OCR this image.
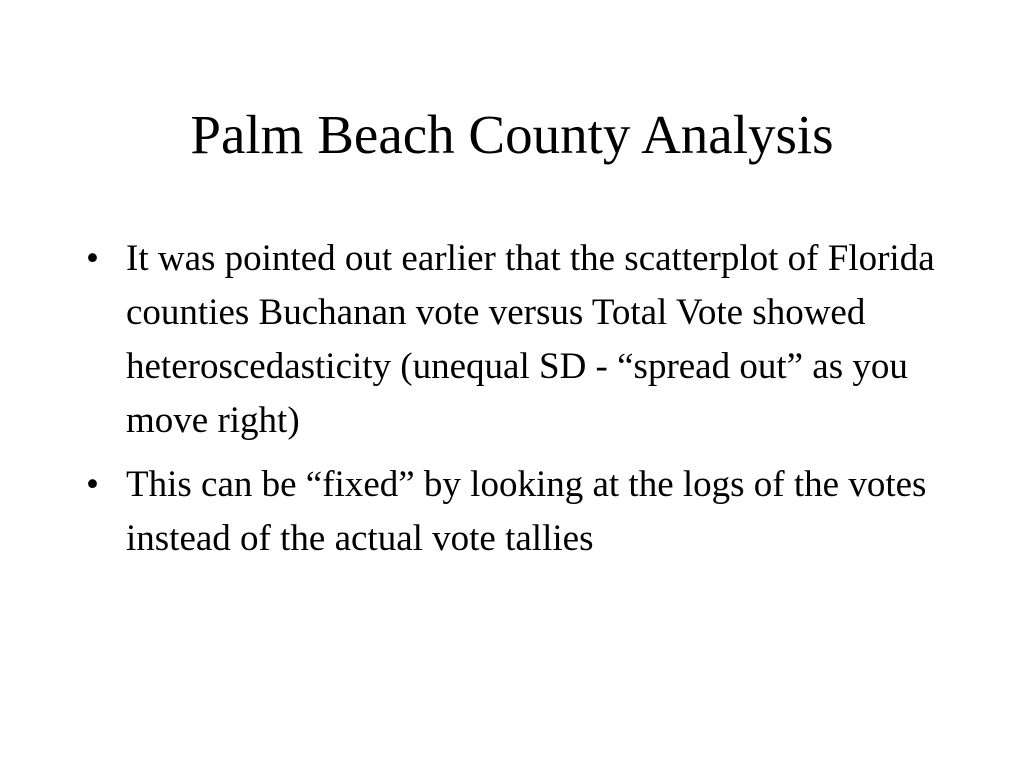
Palm Beach County Analysis
• It was pointed out earlier that the scatterplot of Florida counties Buchanan vote versus Total Vote showed heteroscedasticity (unequal SD - “spread out” as you move right)
• This can be “fixed” by looking at the logs of the votes instead of the actual vote tallies
